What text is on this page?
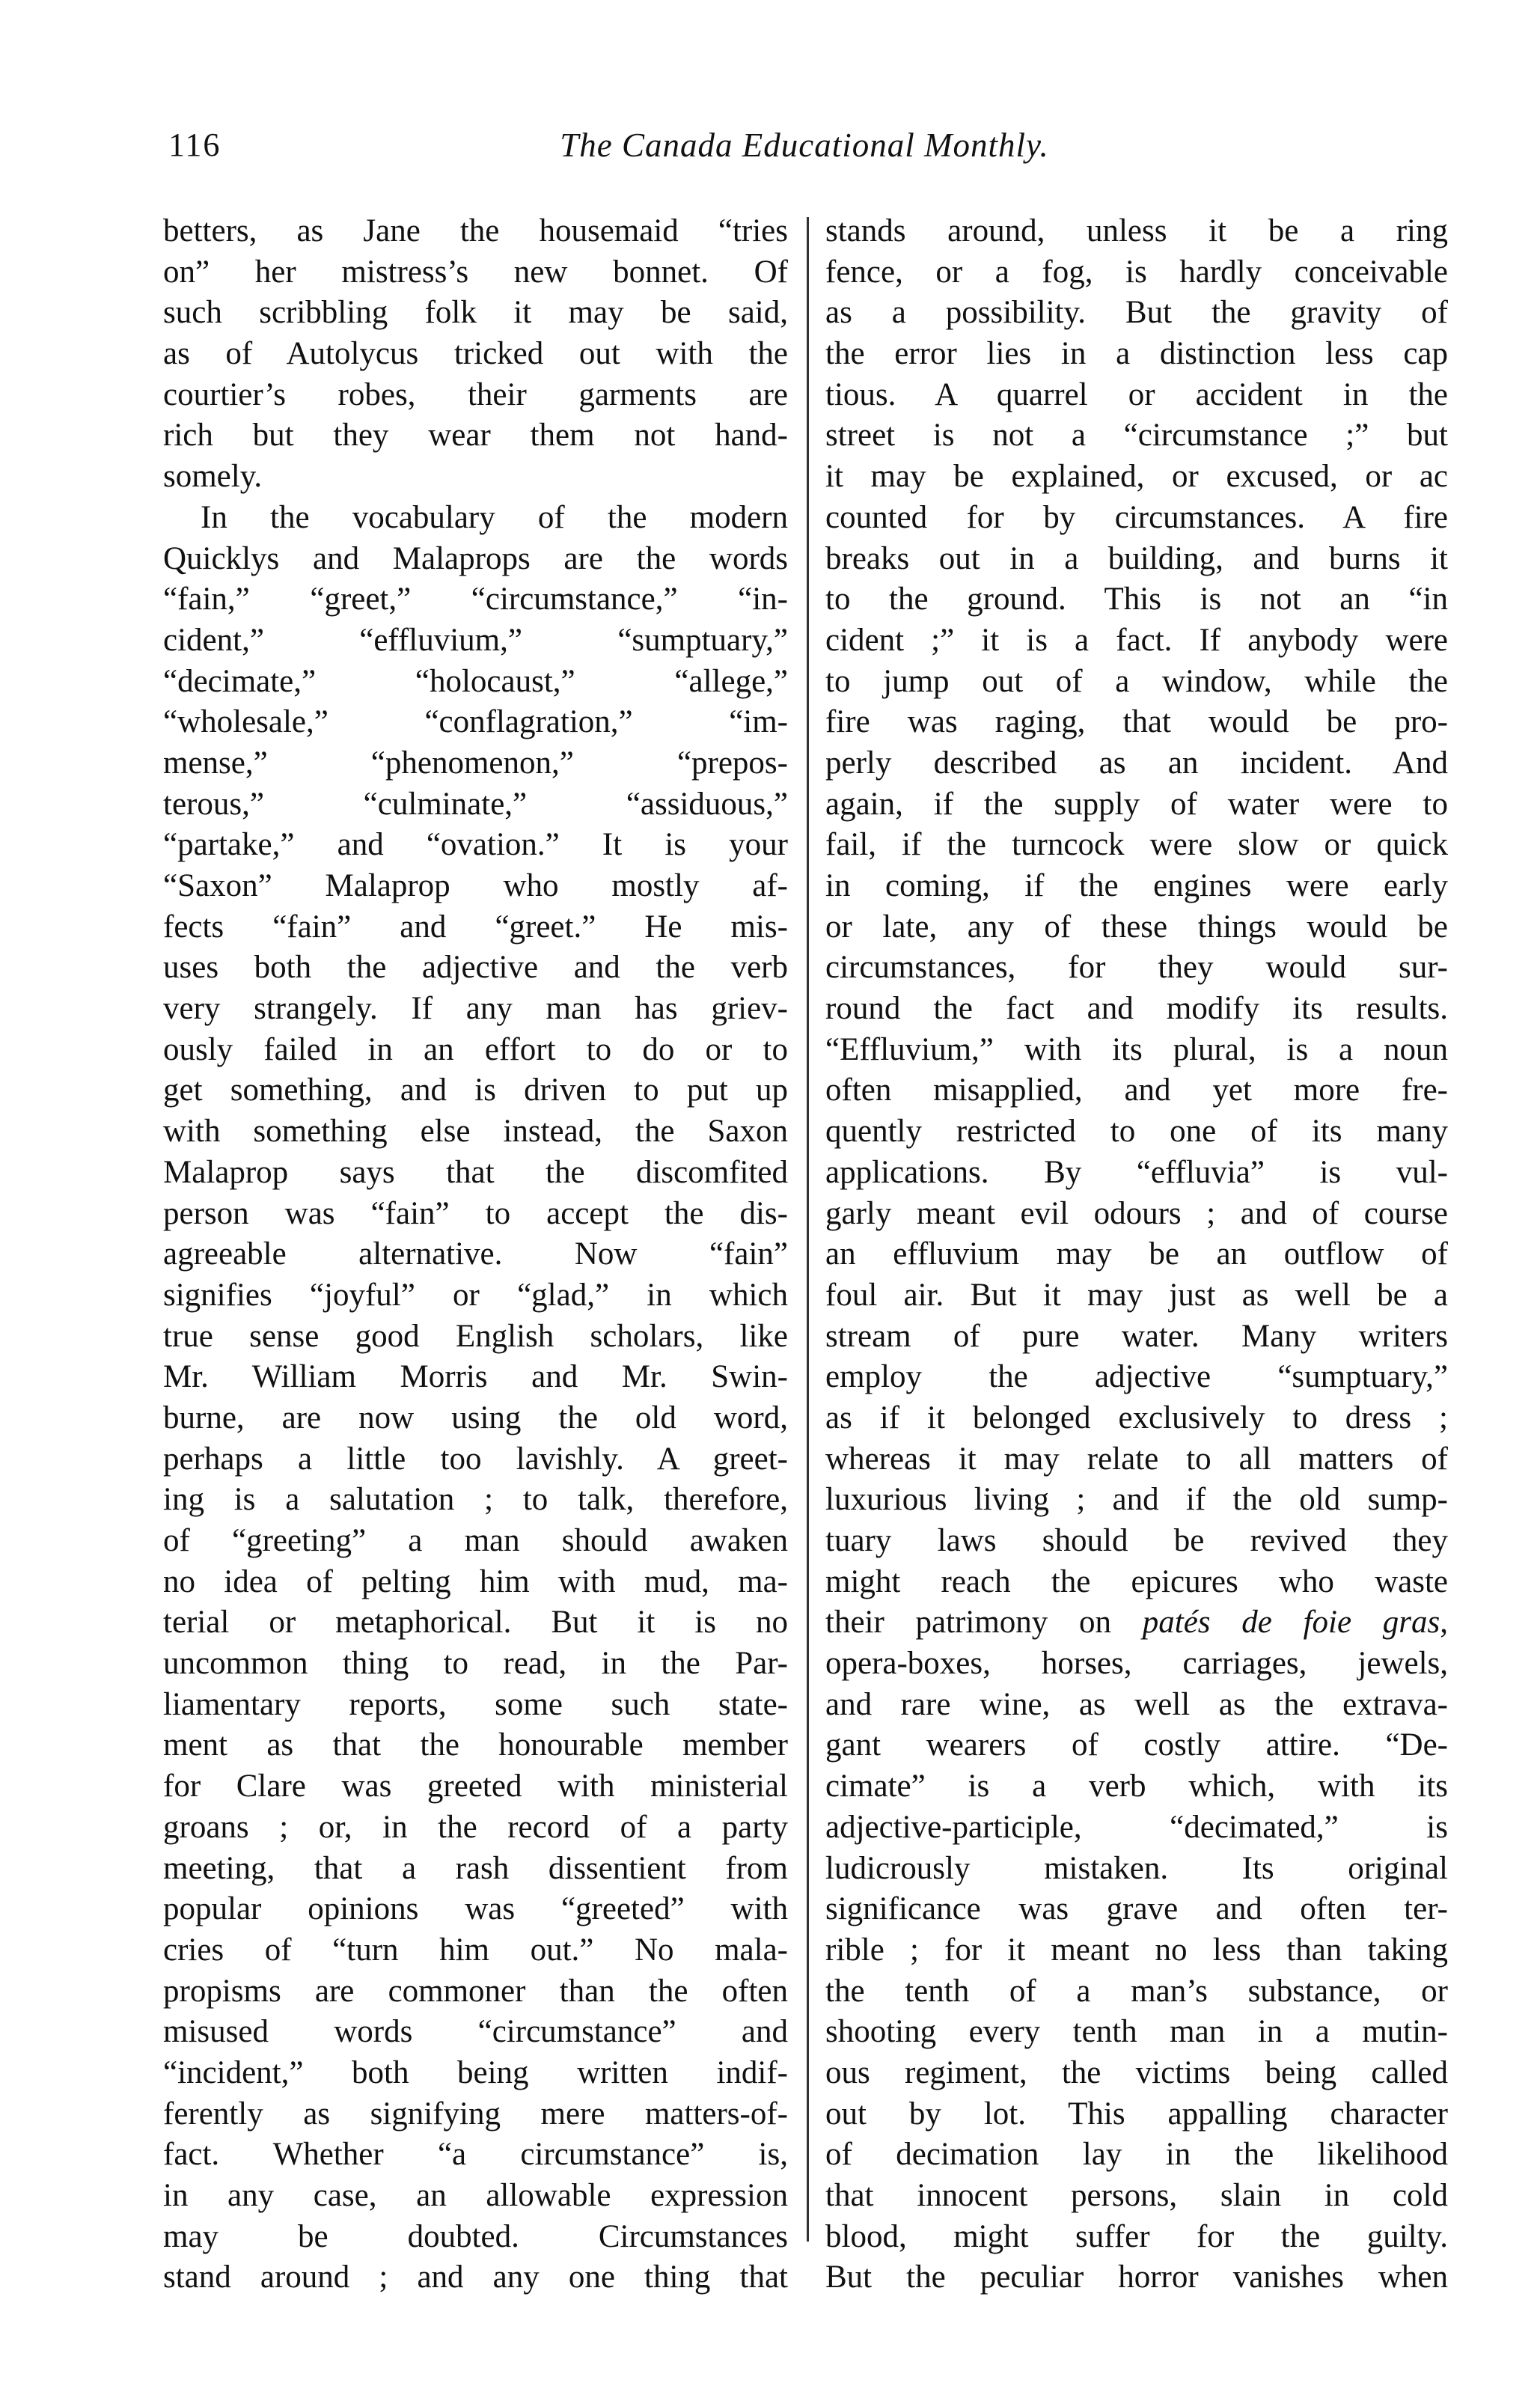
116	The Canada Educational Monthly.
betters, as Jane the housemaid “tries
on” her mistress’s new bonnet. Of
such scribbling folk it may be said,
as of Autolycus tricked out with the
courtier’s robes, their garments are
rich but they wear them not hand-
somely.
In the vocabulary of the modern
Quicklys and Malaprops are the words
“fain,” “greet,” “circumstance,” “in-
cident,” “effluvium,” “sumptuary,”
“decimate,” “holocaust,” “allege,”
“wholesale,” “conflagration,” “im-
mense,” “phenomenon,” “prepos-
terous,” “culminate,” “assiduous,”
“partake,” and “ovation.” It is your
“Saxon” Malaprop who mostly af-
fects “fain” and “greet.” He mis-
uses both the adjective and the verb
very strangely. If any man has griev-
ously failed in an effort to do or to
get something, and is driven to put up
with something else instead, the Saxon
Malaprop says that the discomfited
person was “fain” to accept the dis-
agreeable alternative. Now “fain”
signifies “joyful” or “glad,” in which
true sense good English scholars, like
Mr. William Morris and Mr. Swin-
burne, are now using the old word,
perhaps a little too lavishly. A greet-
ing is a salutation ; to talk, therefore,
of “greeting” a man should awaken
no idea of pelting him with mud, ma-
terial or metaphorical. But it is no
uncommon thing to read, in the Par-
liamentary reports, some such state-
ment as that the honourable member
for Clare was greeted with ministerial
groans ; or, in the record of a party
meeting, that a rash dissentient from
popular opinions was “greeted” with
cries of “turn him out.” No mala-
propisms are commoner than the often
misused words “circumstance” and
“incident,” both being written indif-
ferently as signifying mere matters-of-
fact. Whether “a circumstance” is,
in any case, an allowable expression
may be doubted. Circumstances
stand around ; and any one thing that
stands around, unless it be a ring
fence, or a fog, is hardly conceivable
as a possibility. But the gravity of
the error lies in a distinction less cap
tious. A quarrel or accident in the
street is not a “circumstance ;” but
it may be explained, or excused, or ac
counted for by circumstances. A fire
breaks out in a building, and burns it
to the ground. This is not an “in
cident ;” it is a fact. If anybody were
to jump out of a window, while the
fire was raging, that would be pro-
perly described as an incident. And
again, if the supply of water were to
fail, if the turncock were slow or quick
in coming, if the engines were early
or late, any of these things would be
circumstances, for they would sur-
round the fact and modify its results.
“Effluvium,” with its plural, is a noun
often misapplied, and yet more fre-
quently restricted to one of its many
applications. By “effluvia” is vul-
garly meant evil odours ; and of course
an effluvium may be an outflow of
foul air. But it may just as well be a
stream of pure water. Many writers
employ the adjective “sumptuary,”
as if it belonged exclusively to dress ;
whereas it may relate to all matters of
luxurious living ; and if the old sump-
tuary laws should be revived they
might reach the epicures who waste
their patrimony on patés de foie gras,
opera-boxes, horses, carriages, jewels,
and rare wine, as well as the extrava-
gant wearers of costly attire. “De-
cimate” is a verb which, with its
adjective-participle, “decimated,” is
ludicrously mistaken. Its original
significance was grave and often ter-
rible ; for it meant no less than taking
the tenth of a man’s substance, or
shooting every tenth man in a mutin-
ous regiment, the victims being called
out by lot. This appalling character
of decimation lay in the likelihood
that innocent persons, slain in cold
blood, might suffer for the guilty.
But the peculiar horror vanishes when
